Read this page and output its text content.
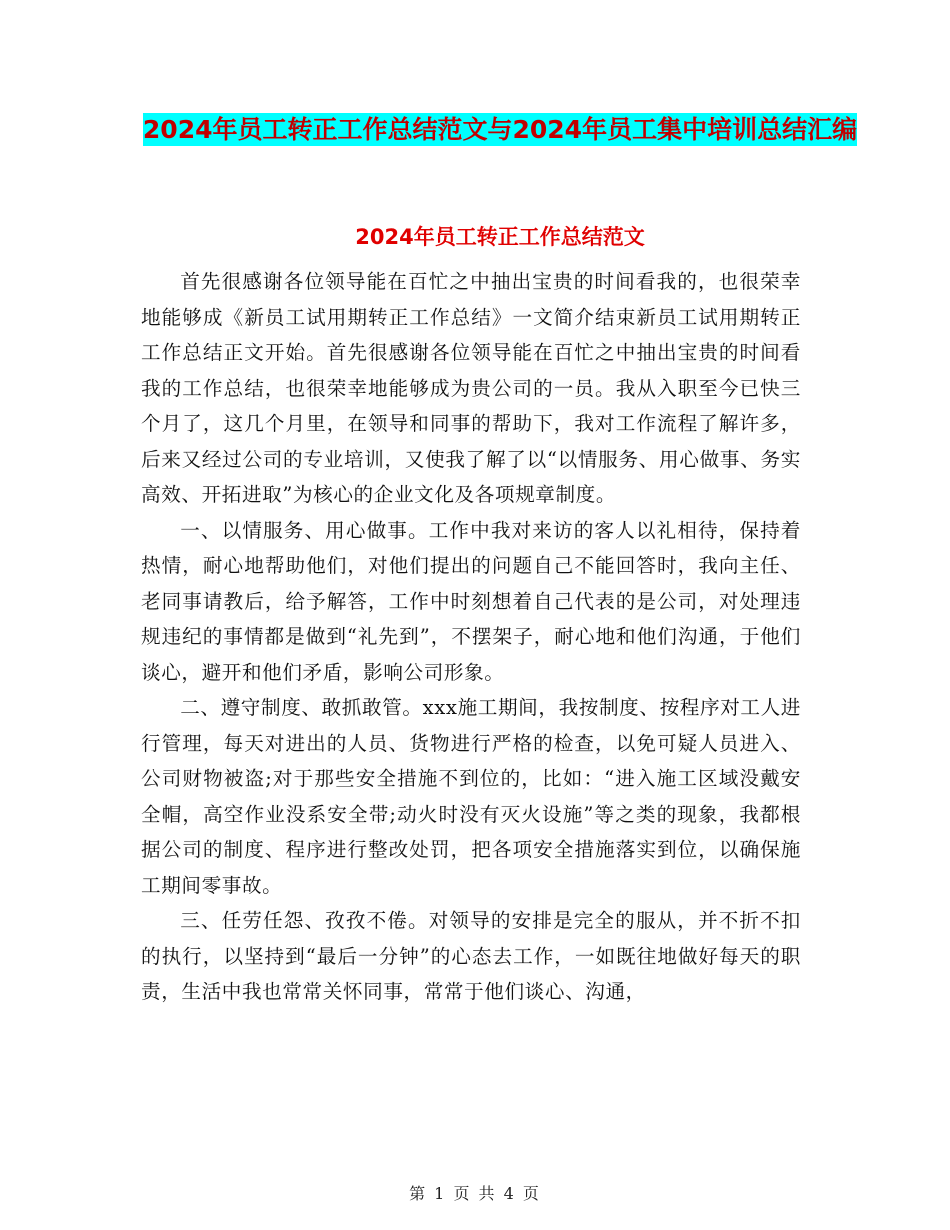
2024年员工转正工作总结范文与2024年员工集中培训总结汇编
2024年员工转正工作总结范文

首先很感谢各位领导能在百忙之中抽出宝贵的时间看我的，也很荣幸地能够成《新员工试用期转正工作总结》一文简介结束新员工试用期转正工作总结正文开始。首先很感谢各位领导能在百忙之中抽出宝贵的时间看我的工作总结，也很荣幸地能够成为贵公司的一员。我从入职至今已快三个月了，这几个月里，在领导和同事的帮助下，我对工作流程了解许多，后来又经过公司的专业培训，又使我了解了以“以情服务、用心做事、务实高效、开拓进取”为核心的企业文化及各项规章制度。

一、以情服务、用心做事。工作中我对来访的客人以礼相待，保持着热情，耐心地帮助他们，对他们提出的问题自己不能回答时，我向主任、老同事请教后，给予解答，工作中时刻想着自己代表的是公司，对处理违规违纪的事情都是做到“礼先到”，不摆架子，耐心地和他们沟通，于他们谈心，避开和他们矛盾，影响公司形象。

二、遵守制度、敢抓敢管。xxx施工期间，我按制度、按程序对工人进行管理，每天对进出的人员、货物进行严格的检查，以免可疑人员进入、公司财物被盗;对于那些安全措施不到位的，比如：“进入施工区域没戴安全帽，高空作业没系安全带;动火时没有灭火设施”等之类的现象，我都根据公司的制度、程序进行整改处罚，把各项安全措施落实到位，以确保施工期间零事故。

三、任劳任怨、孜孜不倦。对领导的安排是完全的服从，并不折不扣的执行，以坚持到“最后一分钟”的心态去工作，一如既往地做好每天的职责，生活中我也常常关怀同事，常常于他们谈心、沟通，

第 1 页 共 4 页
